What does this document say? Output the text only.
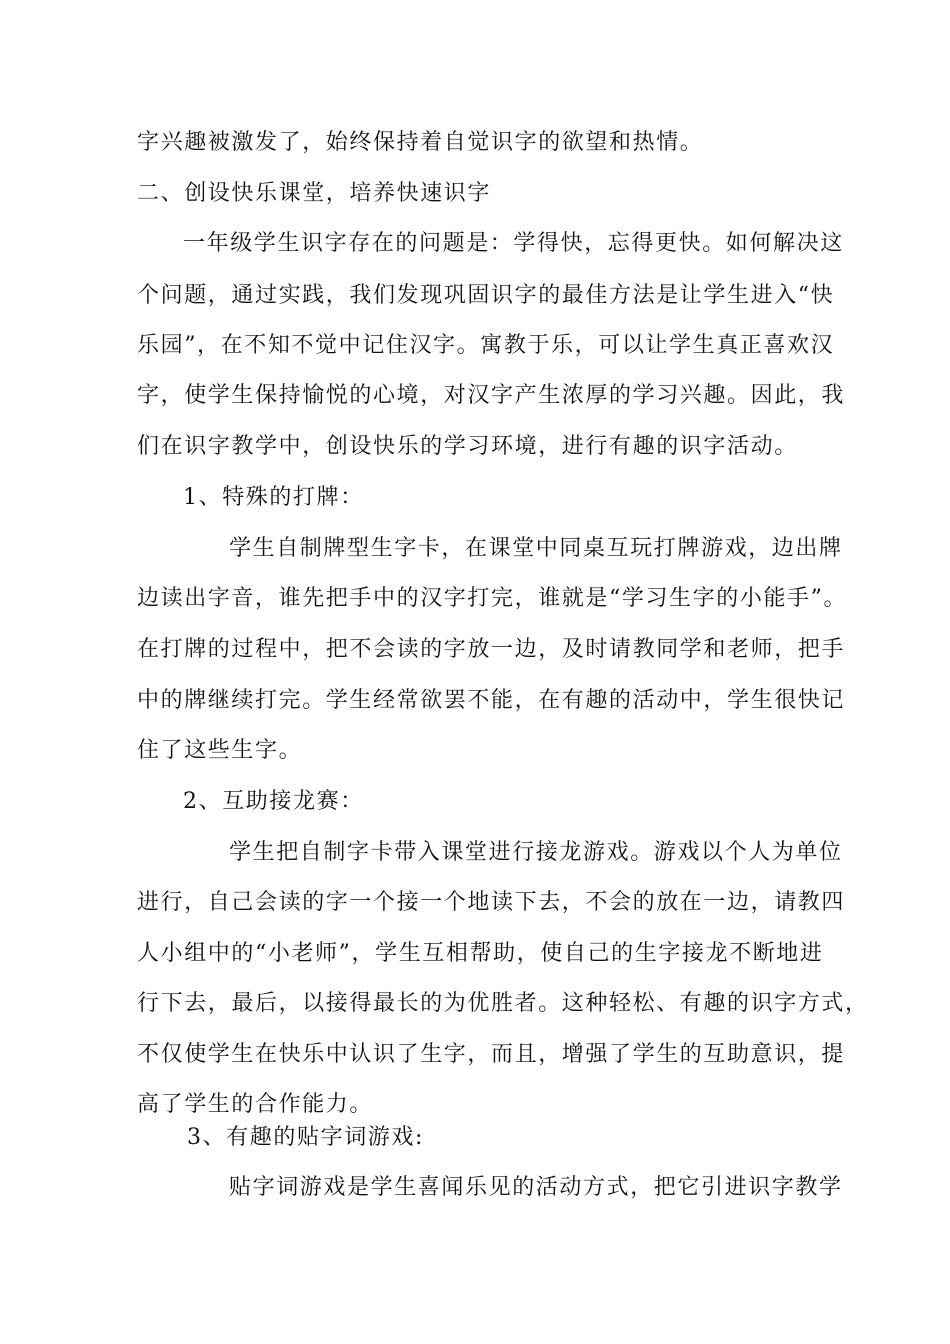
字兴趣被激发了，始终保持着自觉识字的欲望和热情。
二、创设快乐课堂，培养快速识字
一年级学生识字存在的问题是：学得快，忘得更快。如何解决这
个问题，通过实践，我们发现巩固识字的最佳方法是让学生进入“快
乐园”，在不知不觉中记住汉字。寓教于乐，可以让学生真正喜欢汉
字，使学生保持愉悦的心境，对汉字产生浓厚的学习兴趣。因此，我
们在识字教学中，创设快乐的学习环境，进行有趣的识字活动。
1、特殊的打牌：
学生自制牌型生字卡，在课堂中同桌互玩打牌游戏，边出牌
边读出字音，谁先把手中的汉字打完，谁就是“学习生字的小能手”。
在打牌的过程中，把不会读的字放一边，及时请教同学和老师，把手
中的牌继续打完。学生经常欲罢不能，在有趣的活动中，学生很快记
住了这些生字。
2、互助接龙赛：
学生把自制字卡带入课堂进行接龙游戏。游戏以个人为单位
进行，自己会读的字一个接一个地读下去，不会的放在一边，请教四
人小组中的“小老师”，学生互相帮助，使自己的生字接龙不断地进
行下去，最后，以接得最长的为优胜者。这种轻松、有趣的识字方式，
不仅使学生在快乐中认识了生字，而且，增强了学生的互助意识，提
高了学生的合作能力。
3、有趣的贴字词游戏:
贴字词游戏是学生喜闻乐见的活动方式，把它引进识字教学
